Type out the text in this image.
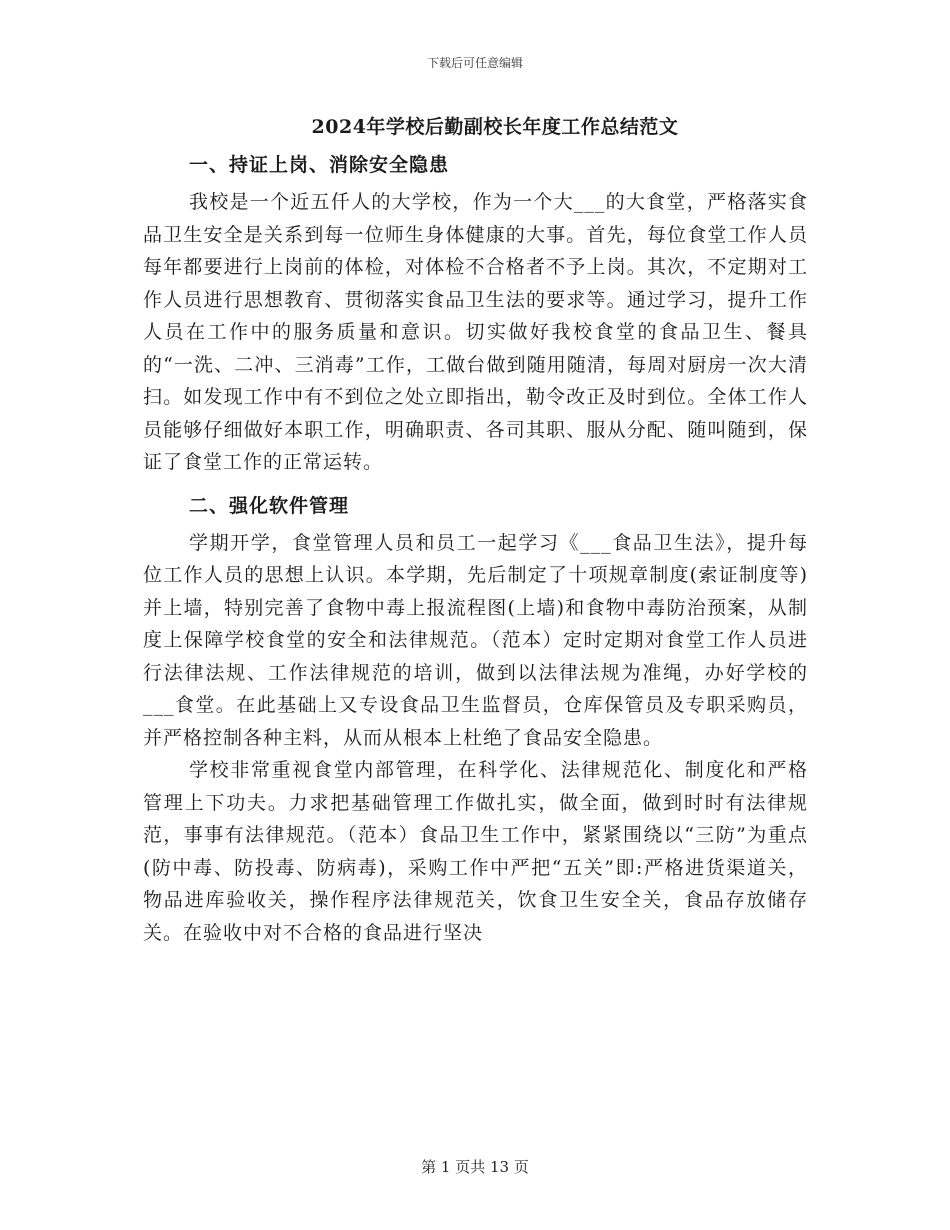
下载后可任意编辑
2024年学校后勤副校长年度工作总结范文
一、持证上岗、消除安全隐患

我校是一个近五仟人的大学校，作为一个大___的大食堂，严格落实食品卫生安全是关系到每一位师生身体健康的大事。首先，每位食堂工作人员每年都要进行上岗前的体检，对体检不合格者不予上岗。其次，不定期对工作人员进行思想教育、贯彻落实食品卫生法的要求等。通过学习，提升工作人员在工作中的服务质量和意识。切实做好我校食堂的食品卫生、餐具的“一洗、二冲、三消毒”工作，工做台做到随用随清，每周对厨房一次大清扫。如发现工作中有不到位之处立即指出，勒令改正及时到位。全体工作人员能够仔细做好本职工作，明确职责、各司其职、服从分配、随叫随到，保证了食堂工作的正常运转。

二、强化软件管理

学期开学，食堂管理人员和员工一起学习《___食品卫生法》，提升每位工作人员的思想上认识。本学期，先后制定了十项规章制度(索证制度等)并上墙，特别完善了食物中毒上报流程图(上墙)和食物中毒防治预案，从制度上保障学校食堂的安全和法律规范。（范本）定时定期对食堂工作人员进行法律法规、工作法律规范的培训，做到以法律法规为准绳，办好学校的___食堂。在此基础上又专设食品卫生监督员，仓库保管员及专职采购员，并严格控制各种主料，从而从根本上杜绝了食品安全隐患。

学校非常重视食堂内部管理，在科学化、法律规范化、制度化和严格管理上下功夫。力求把基础管理工作做扎实，做全面，做到时时有法律规范，事事有法律规范。（范本）食品卫生工作中，紧紧围绕以“三防”为重点(防中毒、防投毒、防病毒)，采购工作中严把“五关”即:严格进货渠道关，物品进库验收关，操作程序法律规范关，饮食卫生安全关，食品存放储存关。在验收中对不合格的食品进行坚决

第 1 页共 13 页
